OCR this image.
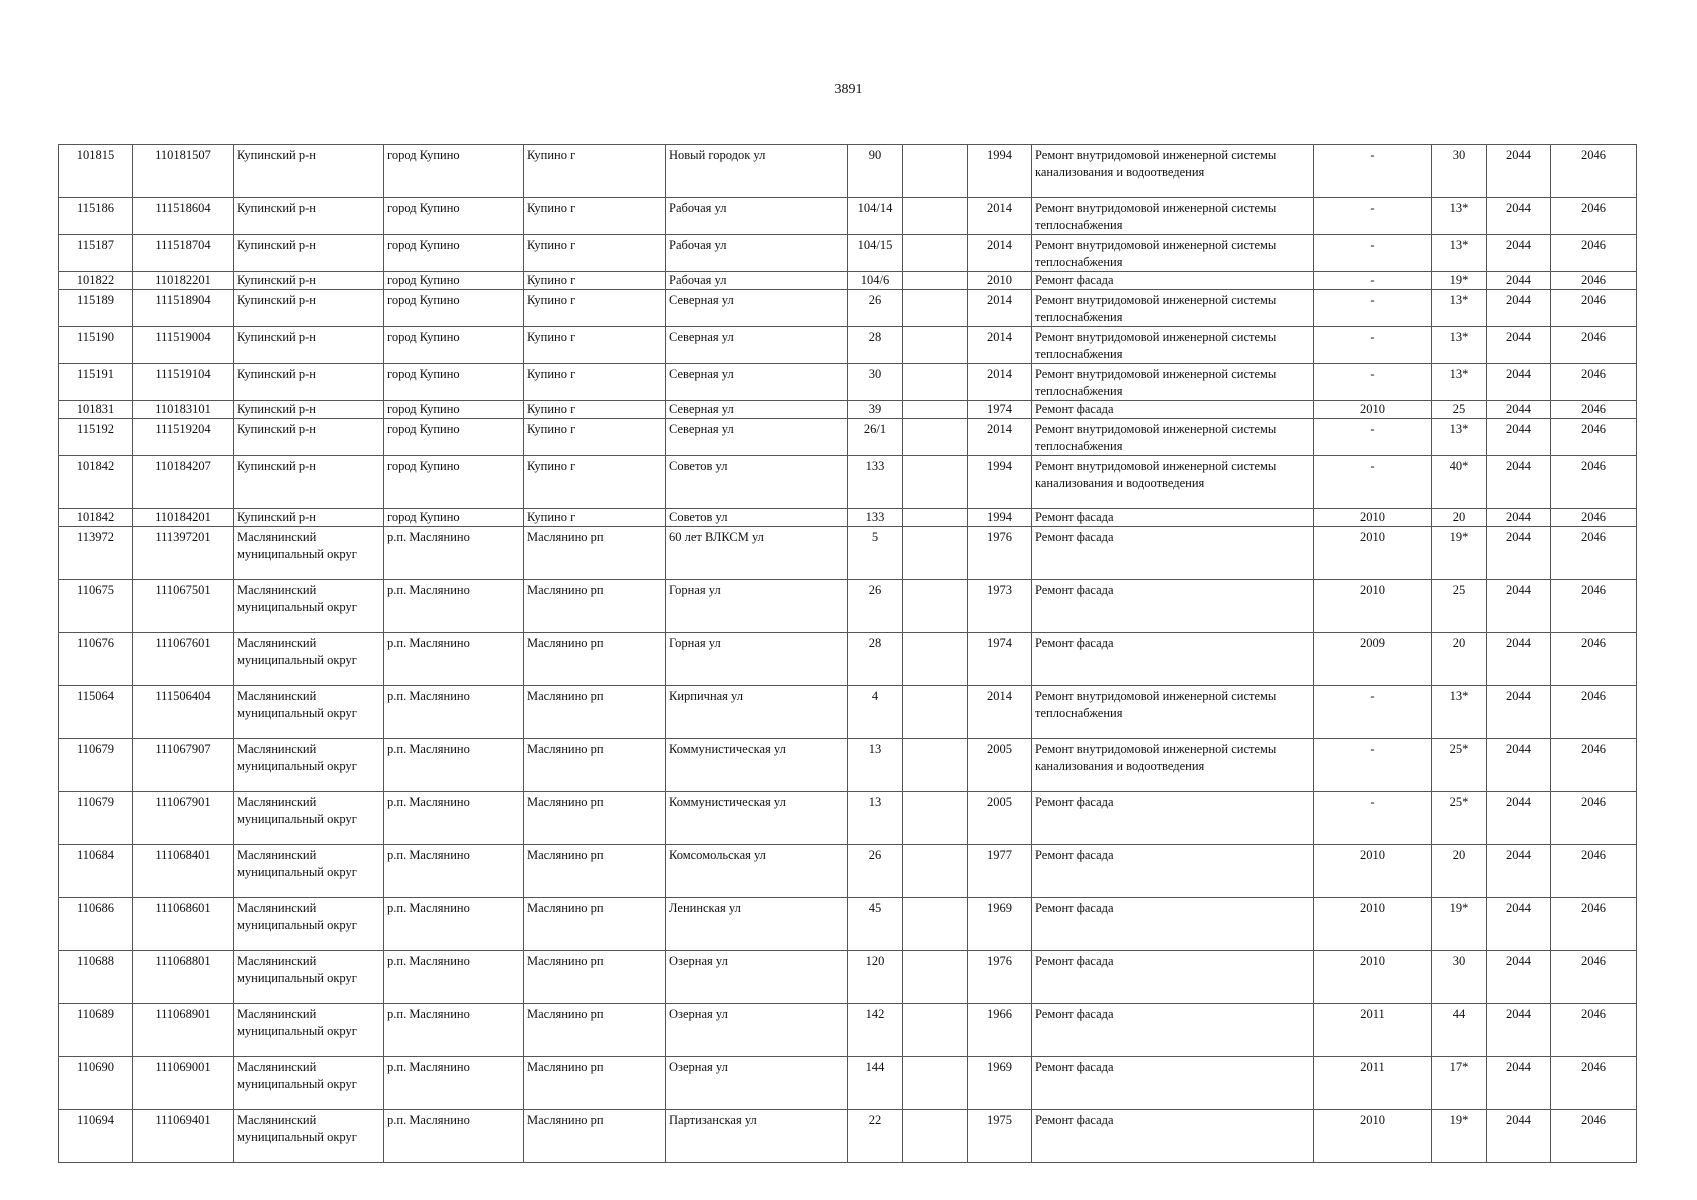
3891
101815	110181507	Купинский р-н	город Купино	Купино г	Новый городок ул	90		1994	Ремонт внутридомовой инженерной системы канализования и водоотведения	-	30	2044	2046
115186	111518604	Купинский р-н	город Купино	Купино г	Рабочая ул	104/14		2014	Ремонт внутридомовой инженерной системы теплоснабжения	-	13*	2044	2046
115187	111518704	Купинский р-н	город Купино	Купино г	Рабочая ул	104/15		2014	Ремонт внутридомовой инженерной системы теплоснабжения	-	13*	2044	2046
101822	110182201	Купинский р-н	город Купино	Купино г	Рабочая ул	104/6		2010	Ремонт фасада	-	19*	2044	2046
115189	111518904	Купинский р-н	город Купино	Купино г	Северная ул	26		2014	Ремонт внутридомовой инженерной системы теплоснабжения	-	13*	2044	2046
115190	111519004	Купинский р-н	город Купино	Купино г	Северная ул	28		2014	Ремонт внутридомовой инженерной системы теплоснабжения	-	13*	2044	2046
115191	111519104	Купинский р-н	город Купино	Купино г	Северная ул	30		2014	Ремонт внутридомовой инженерной системы теплоснабжения	-	13*	2044	2046
101831	110183101	Купинский р-н	город Купино	Купино г	Северная ул	39		1974	Ремонт фасада	2010	25	2044	2046
115192	111519204	Купинский р-н	город Купино	Купино г	Северная ул	26/1		2014	Ремонт внутридомовой инженерной системы теплоснабжения	-	13*	2044	2046
101842	110184207	Купинский р-н	город Купино	Купино г	Советов ул	133		1994	Ремонт внутридомовой инженерной системы канализования и водоотведения	-	40*	2044	2046
101842	110184201	Купинский р-н	город Купино	Купино г	Советов ул	133		1994	Ремонт фасада	2010	20	2044	2046
113972	111397201	Маслянинский муниципальный округ	р.п. Маслянино	Маслянино рп	60 лет ВЛКСМ ул	5		1976	Ремонт фасада	2010	19*	2044	2046
110675	111067501	Маслянинский муниципальный округ	р.п. Маслянино	Маслянино рп	Горная ул	26		1973	Ремонт фасада	2010	25	2044	2046
110676	111067601	Маслянинский муниципальный округ	р.п. Маслянино	Маслянино рп	Горная ул	28		1974	Ремонт фасада	2009	20	2044	2046
115064	111506404	Маслянинский муниципальный округ	р.п. Маслянино	Маслянино рп	Кирпичная ул	4		2014	Ремонт внутридомовой инженерной системы теплоснабжения	-	13*	2044	2046
110679	111067907	Маслянинский муниципальный округ	р.п. Маслянино	Маслянино рп	Коммунистическая ул	13		2005	Ремонт внутридомовой инженерной системы канализования и водоотведения	-	25*	2044	2046
110679	111067901	Маслянинский муниципальный округ	р.п. Маслянино	Маслянино рп	Коммунистическая ул	13		2005	Ремонт фасада	-	25*	2044	2046
110684	111068401	Маслянинский муниципальный округ	р.п. Маслянино	Маслянино рп	Комсомольская ул	26		1977	Ремонт фасада	2010	20	2044	2046
110686	111068601	Маслянинский муниципальный округ	р.п. Маслянино	Маслянино рп	Ленинская ул	45		1969	Ремонт фасада	2010	19*	2044	2046
110688	111068801	Маслянинский муниципальный округ	р.п. Маслянино	Маслянино рп	Озерная ул	120		1976	Ремонт фасада	2010	30	2044	2046
110689	111068901	Маслянинский муниципальный округ	р.п. Маслянино	Маслянино рп	Озерная ул	142		1966	Ремонт фасада	2011	44	2044	2046
110690	111069001	Маслянинский муниципальный округ	р.п. Маслянино	Маслянино рп	Озерная ул	144		1969	Ремонт фасада	2011	17*	2044	2046
110694	111069401	Маслянинский муниципальный округ	р.п. Маслянино	Маслянино рп	Партизанская ул	22		1975	Ремонт фасада	2010	19*	2044	2046
